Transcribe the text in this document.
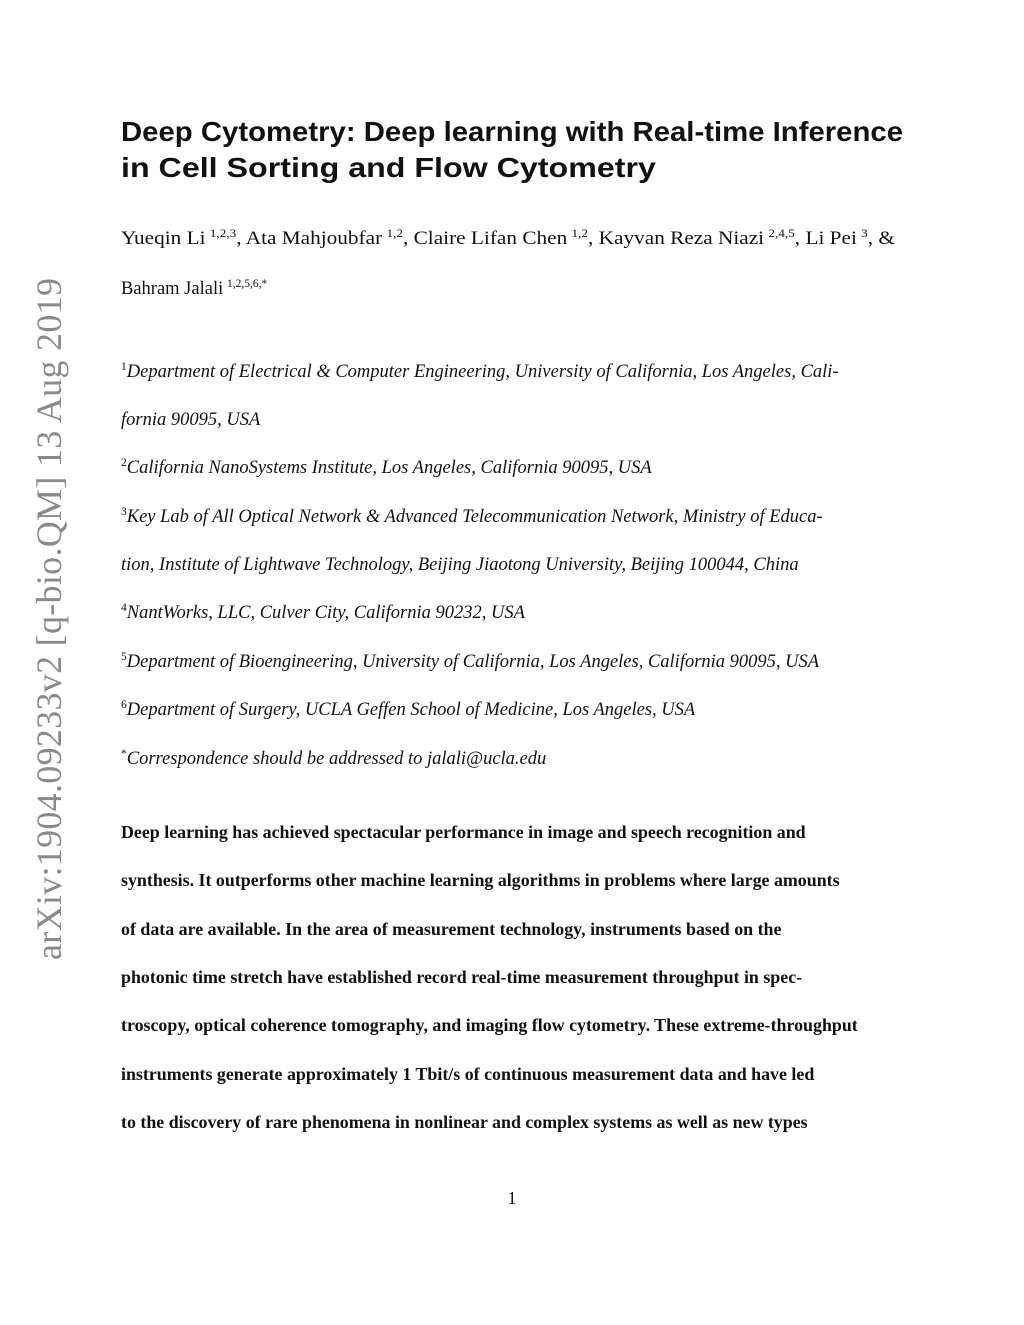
arXiv:1904.09233v2 [q-bio.QM] 13 Aug 2019
Deep Cytometry: Deep learning with Real-time Inference in Cell Sorting and Flow Cytometry
Yueqin Li  $^{1,2,3}$, Ata Mahjoubfar  $^{1,2}$, Claire Lifan Chen  $^{1,2}$, Kayvan Reza Niazi  $^{2,4,5}$, Li Pei  $^3$, &
Bahram Jalali  $^{1,2,5,6,*}$
$^1$Department of Electrical & Computer Engineering, University of California, Los Angeles, Cali-
fornia 90095, USA
$^2$California NanoSystems Institute, Los Angeles, California 90095, USA
$^3$Key Lab of All Optical Network & Advanced Telecommunication Network, Ministry of Educa-
tion, Institute of Lightwave Technology, Beijing Jiaotong University, Beijing 100044, China
$^4$NantWorks, LLC, Culver City, California 90232, USA
$^5$Department of Bioengineering, University of California, Los Angeles, California 90095, USA
$^6$Department of Surgery, UCLA Geffen School of Medicine, Los Angeles, USA
*Correspondence should be addressed to jalali@ucla.edu
Deep learning has achieved spectacular performance in image and speech recognition and
synthesis. It outperforms other machine learning algorithms in problems where large amounts
of data are available. In the area of measurement technology, instruments based on the
photonic time stretch have established record real-time measurement throughput in spec-
troscopy, optical coherence tomography, and imaging flow cytometry. These extreme-throughput
instruments generate approximately 1 Tbit/s of continuous measurement data and have led
to the discovery of rare phenomena in nonlinear and complex systems as well as new types
1
